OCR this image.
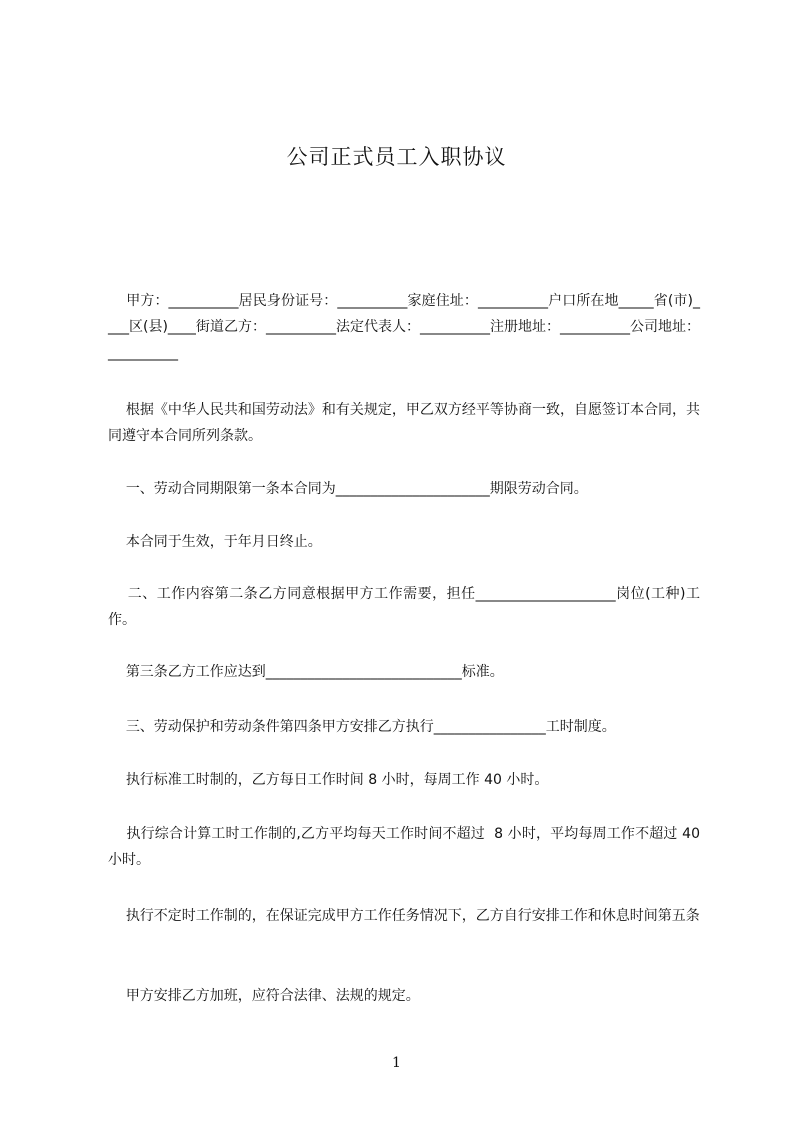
公司正式员工入职协议

甲方：__________居民身份证号：__________家庭住址：__________户口所在地_____省(市)____区(县)____街道乙方：__________法定代表人：__________注册地址：__________公司地址：__________

根据《中华人民共和国劳动法》和有关规定，甲乙双方经平等协商一致，自愿签订本合同，共同遵守本合同所列条款。

一、劳动合同期限第一条本合同为______________________期限劳动合同。

本合同于生效，于年月日终止。

二、工作内容第二条乙方同意根据甲方工作需要，担任____________________岗位(工种)工作。

第三条乙方工作应达到____________________________标准。

三、劳动保护和劳动条件第四条甲方安排乙方执行________________工时制度。

执行标准工时制的，乙方每日工作时间 8 小时，每周工作 40 小时。

执行综合计算工时工作制的,乙方平均每天工作时间不超过  8 小时，平均每周工作不超过 40 小时。

执行不定时工作制的，在保证完成甲方工作任务情况下，乙方自行安排工作和休息时间第五条

甲方安排乙方加班，应符合法律、法规的规定。

1
